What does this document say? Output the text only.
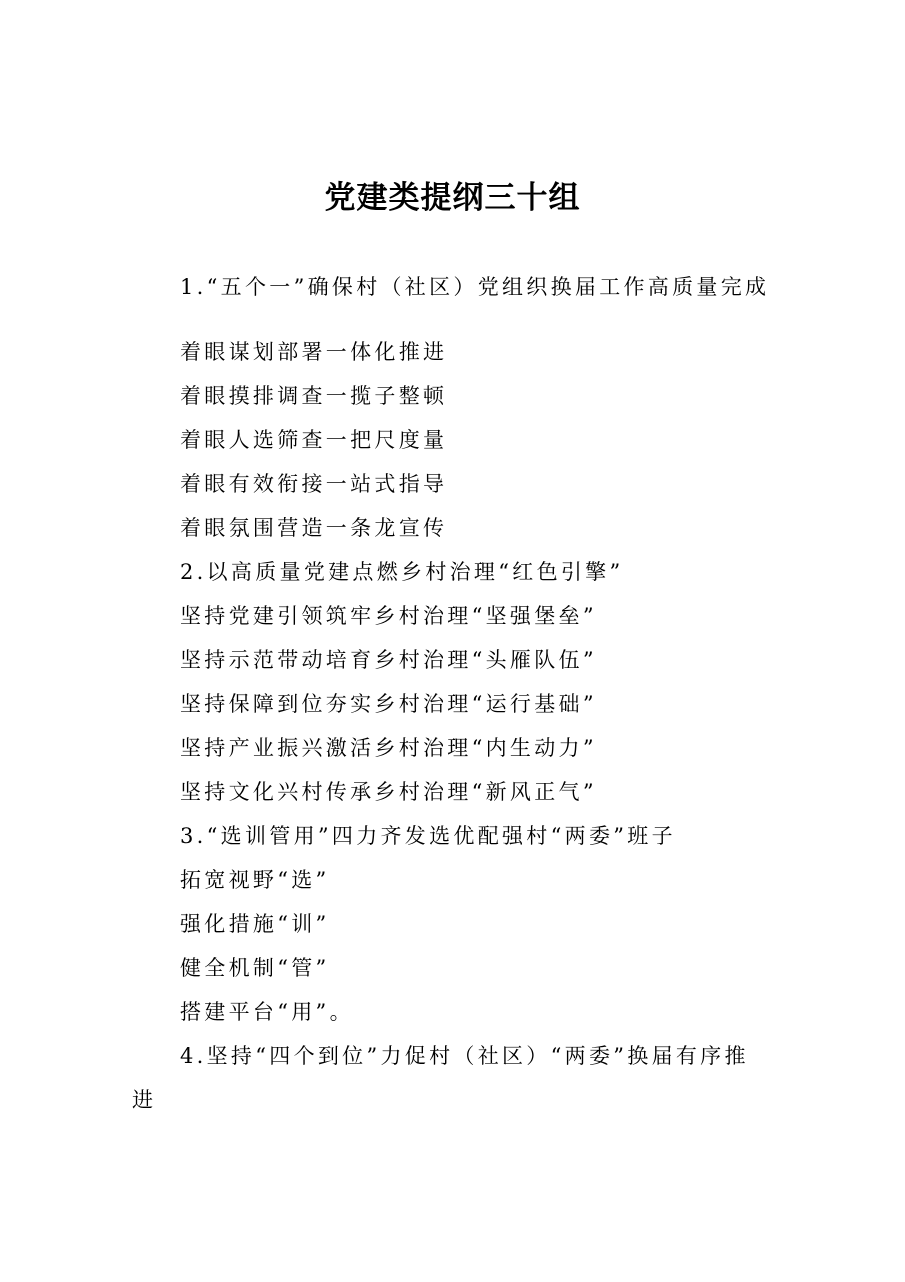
党建类提纲三十组
1.“五个一”确保村（社区）党组织换届工作高质量完成
着眼谋划部署一体化推进
着眼摸排调查一揽子整顿
着眼人选筛查一把尺度量
着眼有效衔接一站式指导
着眼氛围营造一条龙宣传
2.以高质量党建点燃乡村治理“红色引擎”
坚持党建引领筑牢乡村治理“坚强堡垒”
坚持示范带动培育乡村治理“头雁队伍”
坚持保障到位夯实乡村治理“运行基础”
坚持产业振兴激活乡村治理“内生动力”
坚持文化兴村传承乡村治理“新风正气”
3.“选训管用”四力齐发选优配强村“两委”班子
拓宽视野“选”
强化措施“训”
健全机制“管”
搭建平台“用”。
4.坚持“四个到位”力促村（社区）“两委”换届有序推
进
